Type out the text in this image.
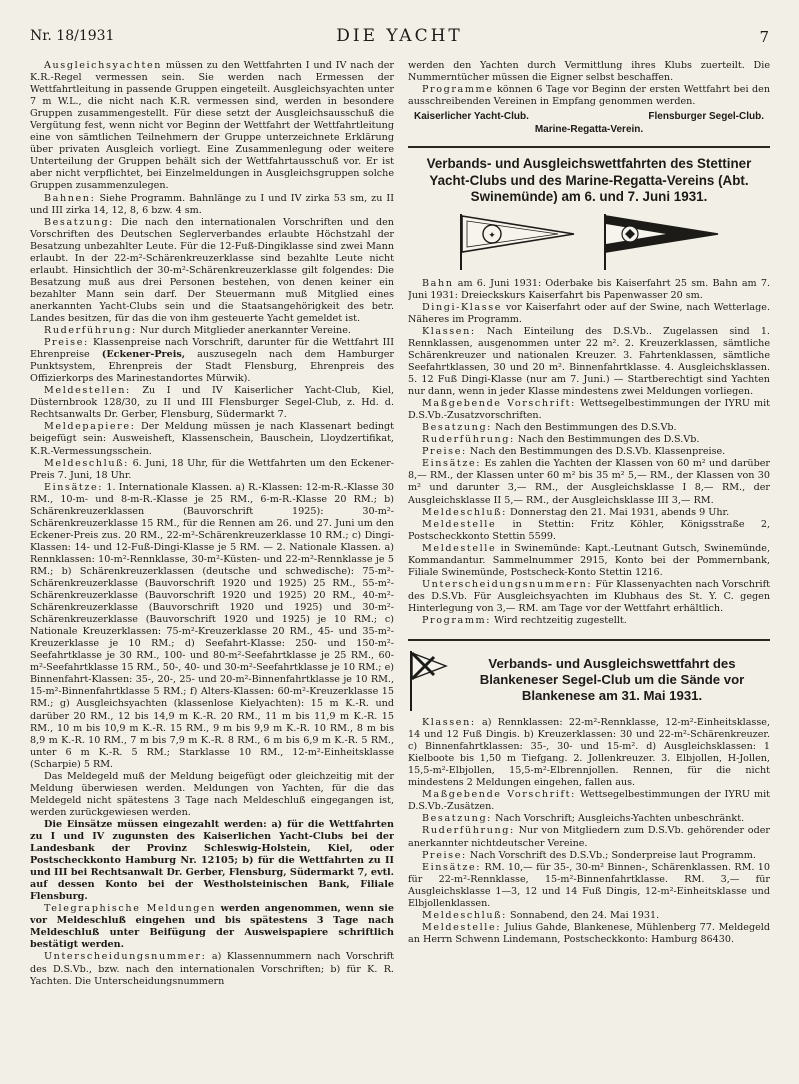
Nr. 18/1931	DIE YACHT	7

Ausgleichsyachten müssen zu den Wettfahrten I und IV nach der K.R.-Regel vermessen sein. Sie werden nach Ermessen der Wettfahrtleitung in passende Gruppen eingeteilt. Ausgleichsyachten unter 7 m W.L., die nicht nach K.R. vermessen sind, werden in besondere Gruppen zusammengestellt. Für diese setzt der Ausgleichsausschuß die Vergütung fest, wenn nicht vor Beginn der Wettfahrt der Wettfahrtleitung eine von sämtlichen Teilnehmern der Gruppe unterzeichnete Erklärung über privaten Ausgleich vorliegt. Eine Zusammenlegung oder weitere Unterteilung der Gruppen behält sich der Wettfahrtausschuß vor. Er ist aber nicht verpflichtet, bei Einzelmeldungen in Ausgleichsgruppen solche Gruppen zusammenzulegen.

Bahnen: Siehe Programm. Bahnlänge zu I und IV zirka 53 sm, zu II und III zirka 14, 12, 8, 6 bzw. 4 sm.

Besatzung: Die nach den internationalen Vorschriften und den Vorschriften des Deutschen Seglerverbandes erlaubte Höchstzahl der Besatzung unbezahlter Leute. Für die 12-Fuß-Dingiklasse sind zwei Mann erlaubt. In der 22-m²-Schärenkreuzerklasse sind bezahlte Leute nicht erlaubt. Hinsichtlich der 30-m²-Schärenkreuzerklasse gilt folgendes: Die Besatzung muß aus drei Personen bestehen, von denen keiner ein bezahlter Mann sein darf. Der Steuermann muß Mitglied eines anerkannten Yacht-Clubs sein und die Staatsangehörigkeit des betr. Landes besitzen, für das die von ihm gesteuerte Yacht gemeldet ist.

Ruderführung: Nur durch Mitglieder anerkannter Vereine.

Preise: Klassenpreise nach Vorschrift, darunter für die Wettfahrt III Ehrenpreise (Eckener-Preis, auszusegeln nach dem Hamburger Punktsystem, Ehrenpreis der Stadt Flensburg, Ehrenpreis des Offizierkorps des Marinestandortes Mürwik).

Meldestellen: Zu I und IV Kaiserlicher Yacht-Club, Kiel, Düsternbrook 128/30, zu II und III Flensburger Segel-Club, z. Hd. d. Rechtsanwalts Dr. Gerber, Flensburg, Südermarkt 7.

Meldepapiere: Der Meldung müssen je nach Klassenart bedingt beigefügt sein: Ausweisheft, Klassenschein, Bauschein, Lloydzertifikat, K.R.-Vermessungsschein.

Meldeschluß: 6. Juni, 18 Uhr, für die Wettfahrten um den Eckener-Preis 7. Juni, 18 Uhr.

Einsätze: 1. Internationale Klassen. a) R.-Klassen: 12-m-R.-Klasse 30 RM., 10-m- und 8-m-R.-Klasse je 25 RM., 6-m-R.-Klasse 20 RM.; b) Schärenkreuzerklassen (Bauvorschrift 1925): 30-m²-Schärenkreuzerklasse 15 RM., für die Rennen am 26. und 27. Juni um den Eckener-Preis zus. 20 RM., 22-m²-Schärenkreuzerklasse 10 RM.; c) Dingi-Klassen: 14- und 12-Fuß-Dingi-Klasse je 5 RM. — 2. Nationale Klassen. a) Rennklassen: 10-m²-Rennklasse, 30-m²-Küsten- und 22-m²-Rennklasse je 5 RM.; b) Schärenkreuzerklassen (deutsche und schwedische): 75-m²-Schärenkreuzerklasse (Bauvorschrift 1920 und 1925) 25 RM., 55-m²-Schärenkreuzerklasse (Bauvorschrift 1920 und 1925) 20 RM., 40-m²-Schärenkreuzerklasse (Bauvorschrift 1920 und 1925) und 30-m²-Schärenkreuzerklasse (Bauvorschrift 1920 und 1925) je 10 RM.; c) Nationale Kreuzerklassen: 75-m²-Kreuzerklasse 20 RM., 45- und 35-m²-Kreuzerklasse je 10 RM.; d) Seefahrt-Klasse: 250- und 150-m²-Seefahrtklasse je 30 RM., 100- und 80-m²-Seefahrtklasse je 25 RM., 60-m²-Seefahrtklasse 15 RM., 50-, 40- und 30-m²-Seefahrtklasse je 10 RM.; e) Binnenfahrt-Klassen: 35-, 20-, 25- und 20-m²-Binnenfahrtklasse je 10 RM., 15-m²-Binnenfahrtklasse 5 RM.; f) Alters-Klassen: 60-m²-Kreuzerklasse 15 RM.; g) Ausgleichsyachten (klassenlose Kielyachten): 15 m K.-R. und darüber 20 RM., 12 bis 14,9 m K.-R. 20 RM., 11 m bis 11,9 m K.-R. 15 RM., 10 m bis 10,9 m K.-R. 15 RM., 9 m bis 9,9 m K.-R. 10 RM., 8 m bis 8,9 m K.-R. 10 RM., 7 m bis 7,9 m K.-R. 8 RM., 6 m bis 6,9 m K.-R. 5 RM., unter 6 m K.-R. 5 RM.; Starklasse 10 RM., 12-m²-Einheitsklasse (Scharpie) 5 RM.

Das Meldegeld muß der Meldung beigefügt oder gleichzeitig mit der Meldung überwiesen werden. Meldungen von Yachten, für die das Meldegeld nicht spätestens 3 Tage nach Meldeschluß eingegangen ist, werden zurückgewiesen werden.

Die Einsätze müssen eingezahlt werden: a) für die Wettfahrten zu I und IV zugunsten des Kaiserlichen Yacht-Clubs bei der Landesbank der Provinz Schleswig-Holstein, Kiel, oder Postscheckkonto Hamburg Nr. 12105; b) für die Wettfahrten zu II und III bei Rechtsanwalt Dr. Gerber, Flensburg, Südermarkt 7, evtl. auf dessen Konto bei der Westholsteinischen Bank, Filiale Flensburg.

Telegraphische Meldungen werden angenommen, wenn sie vor Meldeschluß eingehen und bis spätestens 3 Tage nach Meldeschluß unter Beifügung der Ausweispapiere schriftlich bestätigt werden.

Unterscheidungsnummer: a) Klassennummern nach Vorschrift des D.S.Vb., bzw. nach den internationalen Vorschriften; b) für K. R. Yachten. Die Unterscheidungsnummern

werden den Yachten durch Vermittlung ihres Klubs zuerteilt. Die Nummerntücher müssen die Eigner selbst beschaffen.

Programme können 6 Tage vor Beginn der ersten Wettfahrt bei den ausschreibenden Vereinen in Empfang genommen werden.

Kaiserlicher Yacht-Club.	Flensburger Segel-Club.
Marine-Regatta-Verein.
Verbands- und Ausgleichswettfahrten des Stettiner Yacht-Clubs und des Marine-Regatta-Vereins (Abt. Swinemünde) am 6. und 7. Juni 1931.
✦

Bahn am 6. Juni 1931: Oderbake bis Kaiserfahrt 25 sm. Bahn am 7. Juni 1931: Dreieckskurs Kaiserfahrt bis Papenwasser 20 sm.

Dingi-Klasse vor Kaiserfahrt oder auf der Swine, nach Wetterlage. Näheres im Programm.

Klassen: Nach Einteilung des D.S.Vb.. Zugelassen sind 1. Rennklassen, ausgenommen unter 22 m². 2. Kreuzerklassen, sämtliche Schärenkreuzer und nationalen Kreuzer. 3. Fahrtenklassen, sämtliche Seefahrtklassen, 30 und 20 m². Binnenfahrtklasse. 4. Ausgleichsklassen. 5. 12 Fuß Dingi-Klasse (nur am 7. Juni.) — Startberechtigt sind Yachten nur dann, wenn in jeder Klasse mindestens zwei Meldungen vorliegen.

Maßgebende Vorschrift: Wettsegelbestimmungen der IYRU mit D.S.Vb.-Zusatzvorschriften.

Besatzung: Nach den Bestimmungen des D.S.Vb.

Ruderführung: Nach den Bestimmungen des D.S.Vb.

Preise: Nach den Bestimmungen des D.S.Vb. Klassenpreise.

Einsätze: Es zahlen die Yachten der Klassen von 60 m² und darüber 8,— RM., der Klassen unter 60 m² bis 35 m² 5,— RM., der Klassen von 30 m² und darunter 3,— RM., der Ausgleichsklasse I 8,— RM., der Ausgleichsklasse II 5,— RM., der Ausgleichsklasse III 3,— RM.

Meldeschluß: Donnerstag den 21. Mai 1931, abends 9 Uhr.

Meldestelle in Stettin: Fritz Köhler, Königsstraße 2, Postscheckkonto Stettin 5599.

Meldestelle in Swinemünde: Kapt.-Leutnant Gutsch, Swinemünde, Kommandantur. Sammelnummer 2915, Konto bei der Pommernbank, Filiale Swinemünde, Postscheck-Konto Stettin 1216.

Unterscheidungsnummern: Für Klassenyachten nach Vorschrift des D.S.Vb. Für Ausgleichsyachten im Klubhaus des St. Y. C. gegen Hinterlegung von 3,— RM. am Tage vor der Wettfahrt erhältlich.

Programm: Wird rechtzeitig zugestellt.

Verbands- und Ausgleichswettfahrt des Blankeneser Segel-Club um die Sände vor Blankenese am 31. Mai 1931.

Klassen: a) Rennklassen: 22-m²-Rennklasse, 12-m²-Einheitsklasse, 14 und 12 Fuß Dingis. b) Kreuzerklassen: 30 und 22-m²-Schärenkreuzer. c) Binnenfahrtklassen: 35-, 30- und 15-m². d) Ausgleichsklassen: 1 Kielboote bis 1,50 m Tiefgang. 2. Jollenkreuzer. 3. Elbjollen, H-Jollen, 15,5-m²-Elbjollen, 15,5-m²-Elbrennjollen. Rennen, für die nicht mindestens 2 Meldungen eingehen, fallen aus.

Maßgebende Vorschrift: Wettsegelbestimmungen der IYRU mit D.S.Vb.-Zusätzen.

Besatzung: Nach Vorschrift; Ausgleichs-Yachten unbeschränkt.

Ruderführung: Nur von Mitgliedern zum D.S.Vb. gehörender oder anerkannter nichtdeutscher Vereine.

Preise: Nach Vorschrift des D.S.Vb.; Sonderpreise laut Programm.

Einsätze: RM. 10,— für 35-, 30-m² Binnen-, Schärenklassen. RM. 10 für 22-m²-Rennklasse, 15-m²-Binnenfahrtklasse. RM. 3,— für Ausgleichsklasse 1—3, 12 und 14 Fuß Dingis, 12-m²-Einheitsklasse und Elbjollenklassen.

Meldeschluß: Sonnabend, den 24. Mai 1931.

Meldestelle: Julius Gahde, Blankenese, Mühlenberg 77. Meldegeld an Herrn Schwenn Lindemann, Postscheckkonto: Hamburg 86430.
